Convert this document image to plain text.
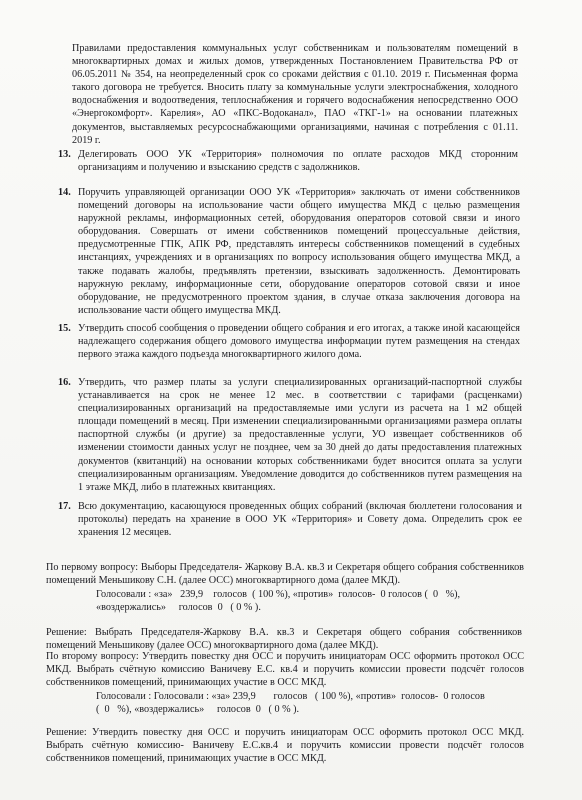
Правилами предоставления коммунальных услуг собственникам и пользователям помещений в многоквартирных домах и жилых домов, утвержденных Постановлением Правительства РФ от 06.05.2011 № 354, на неопределенный срок со сроками действия с 01.10. 2019 г. Письменная форма такого договора не требуется. Вносить плату за коммунальные услуги электроснабжения, холодного водоснабжения и водоотведения, теплоснабжения и горячего водоснабжения непосредственно ООО «Энергокомфорт». Карелия», АО «ПКС-Водоканал», ПАО «ТКГ-1» на основании платежных документов, выставляемых ресурсоснабжающими организациями, начиная с потребления с 01.11. 2019 г.
13. Делегировать ООО УК «Территория» полномочия по оплате расходов МКД сторонним организациям и получению и взысканию средств с задолжников.
14. Поручить управляющей организации ООО УК «Территория» заключать от имени собственников помещений договоры на использование части общего имущества МКД с целью размещения наружной рекламы, информационных сетей, оборудования операторов сотовой связи и иного оборудования. Совершать от имени собственников помещений процессуальные действия, предусмотренные ГПК, АПК РФ, представлять интересы собственников помещений в судебных инстанциях, учреждениях и в организациях по вопросу использования общего имущества МКД, а также подавать жалобы, предъявлять претензии, взыскивать задолженность. Демонтировать наружную рекламу, информационные сети, оборудование операторов сотовой связи и иное оборудование, не предусмотренного проектом здания, в случае отказа заключения договора на использование части общего имущества МКД.
15. Утвердить способ сообщения о проведении общего собрания и его итогах, а также иной касающейся надлежащего содержания общего домового имущества информации путем размещения на стендах первого этажа каждого подъезда многоквартирного жилого дома.
16. Утвердить, что размер платы за услуги специализированных организаций-паспортной службы устанавливается на срок не менее 12 мес. в соответствии с тарифами (расценками) специализированных организаций на предоставляемые ими услуги из расчета на 1 м2 общей площади помещений в месяц. При изменении специализированными организациями размера оплаты паспортной службы (и другие) за предоставленные услуги, УО извещает собственников об изменении стоимости данных услуг не позднее, чем за 30 дней до даты предоставления платежных документов (квитанций) на основании которых собственниками будет вносится оплата за услуги специализированным организациям. Уведомление доводится до собственников путем размещения на 1 этаже МКД, либо в платежных квитанциях.
17. Всю документацию, касающуюся проведенных общих собраний (включая бюллетени голосования и протоколы) передать на хранение в ООО УК «Территория» и Совету дома. Определить срок ее хранения 12 месяцев.
По первому вопросу: Выборы Председателя- Жаркову В.А. кв.3 и Секретаря общего собрания собственников помещений Меньшикову С.Н. (далее ОСС) многоквартирного дома (далее МКД).
Голосовали : «за»   239,9    голосов  ( 100 %), «против»  голосов-  0 голосов (  0   %),
«воздержались»     голосов  0   ( 0 % ).
Решение: Выбрать Председателя-Жаркову В.А. кв.3 и Секретаря общего собрания собственников помещений Меньшикову (далее ОСС) многоквартирного дома (далее МКД).
По второму вопросу: Утвердить повестку дня ОСС и поручить инициаторам ОСС оформить протокол ОСС МКД. Выбрать счётную комиссию Ваничеву Е.С. кв.4 и поручить комиссии провести подсчёт голосов собственников помещений, принимающих участие в ОСС МКД.
Голосовали : Голосовали : «за» 239,9       голосов   ( 100 %), «против»  голосов-  0 голосов
(  0   %), «воздержались»     голосов  0   ( 0 % ).
Решение: Утвердить повестку дня ОСС и поручить инициаторам ОСС оформить протокол ОСС МКД. Выбрать счётную комиссию- Ваничеву Е.С.кв.4 и поручить комиссии провести подсчёт голосов собственников помещений, принимающих участие в ОСС МКД.
